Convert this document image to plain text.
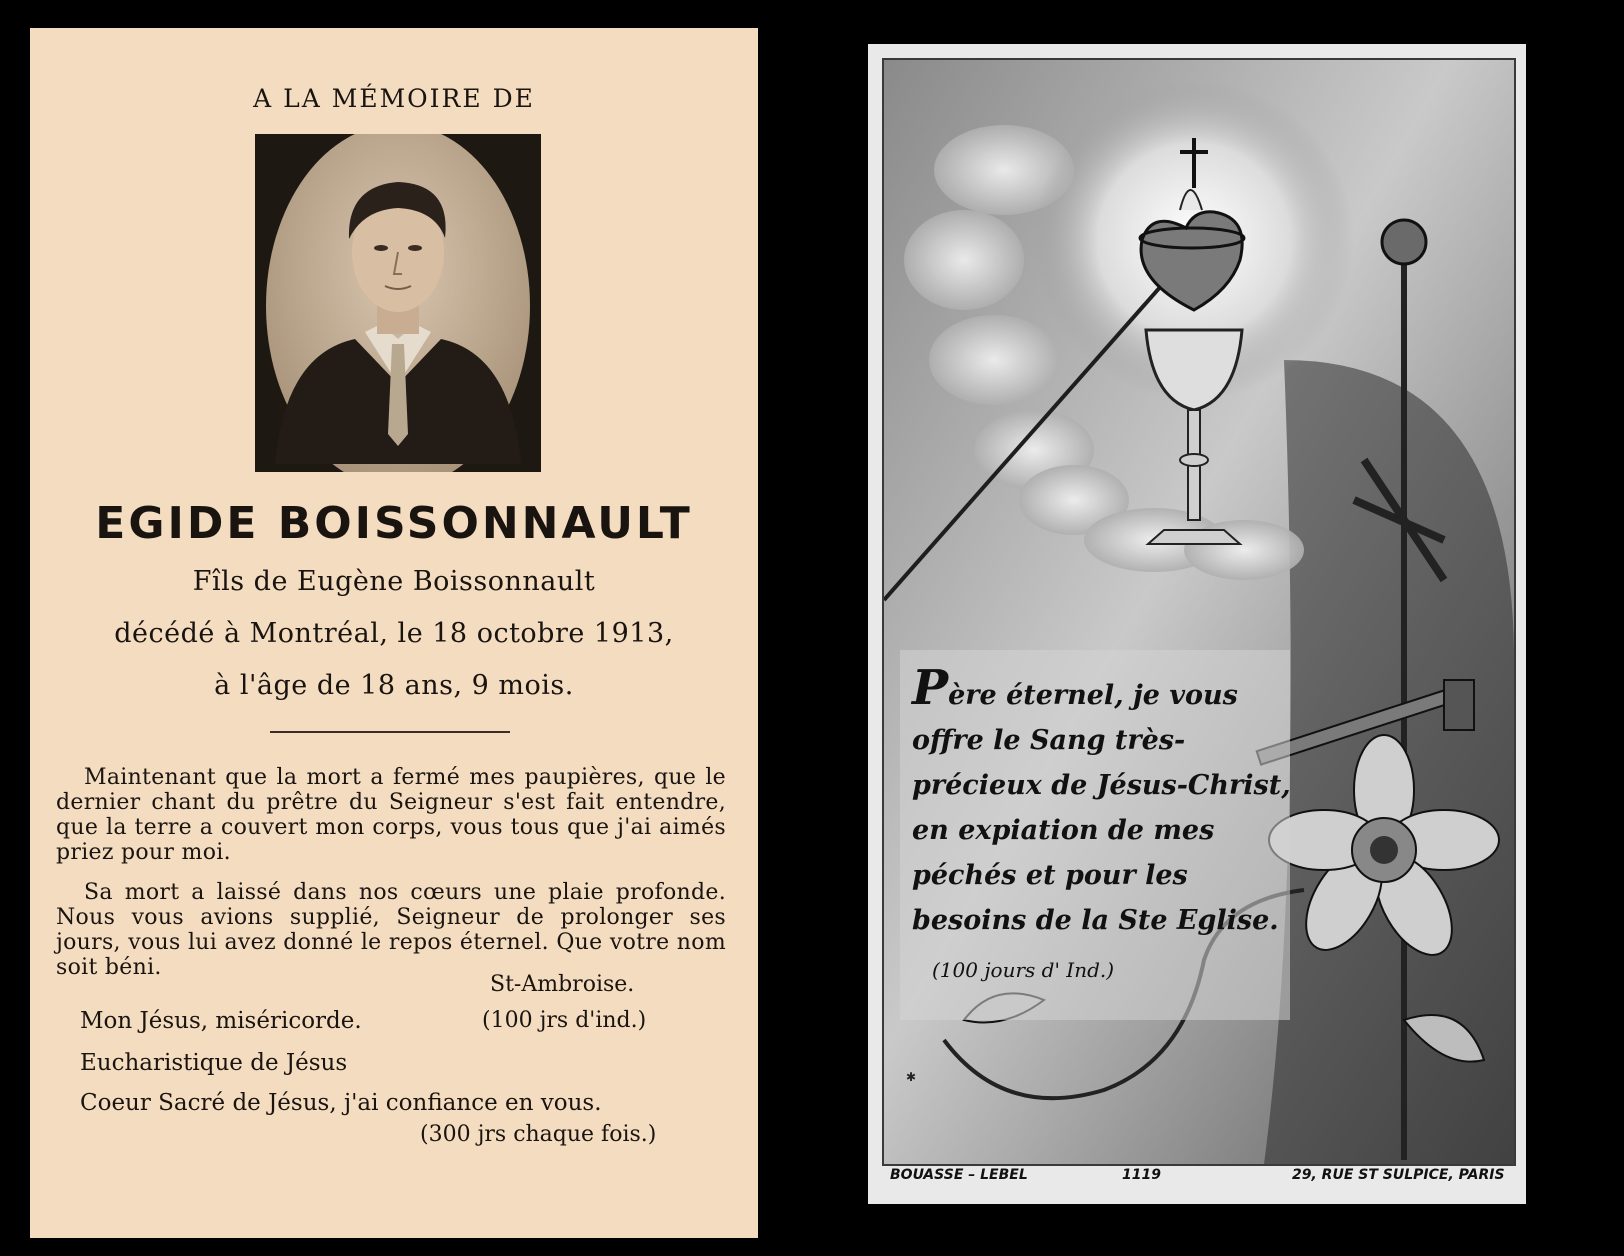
A LA MÉMOIRE DE
EGIDE BOISSONNAULT
Fîls de Eugène Boissonnault
décédé à Montréal, le 18 octobre 1913,
à l'âge de 18 ans, 9 mois.
Maintenant que la mort a fermé mes paupières, que le dernier chant du prêtre du Seigneur s'est fait entendre, que la terre a couvert mon corps, vous tous que j'ai aimés priez pour moi.
Sa mort a laissé dans nos cœurs une plaie profonde. Nous vous avions supplié, Seigneur de prolonger ses jours, vous lui avez donné le repos éternel. Que votre nom soit béni.
St-Ambroise.
Mon Jésus, miséricorde.	(100 jrs d'ind.)
Eucharistique de Jésus
Coeur Sacré de Jésus, j'ai confiance en vous.
(300 jrs chaque fois.)
Père éternel, je vous offre le Sang très-précieux de Jésus-Christ, en expiation de mes péchés et pour les besoins de la Ste Eglise.
(100 jours d' Ind.)
✱
BOUASSE – LEBEL	1119	29, RUE ST SULPICE, PARIS
